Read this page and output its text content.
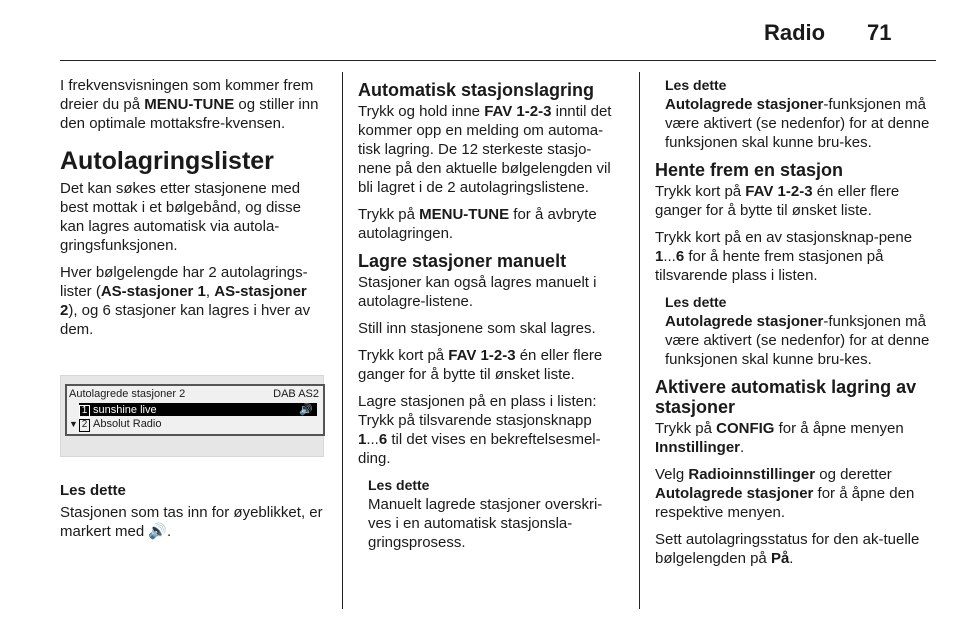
Radio 71

I frekvensvisningen som kommer frem dreier du på MENU-TUNE og stiller inn den optimale mottaksfre-kvensen.

Autolagringslister

Det kan søkes etter stasjonene med best mottak i et bølgebånd, og disse kan lagres automatisk via autola-gringsfunksjonen.

Hver bølgelengde har 2 autolagrings-lister (AS-stasjoner 1, AS-stasjoner 2), og 6 stasjoner kan lagres i hver av dem.

Autolagrede stasjoner 2	DAB AS2
1 sunshine live	🔊
▼ 2 Absolut Radio
Les dette
Stasjonen som tas inn for øyeblikket, er markert med 🔊.
Automatisk stasjonslagring

Trykk og hold inne FAV 1-2-3 inntil det kommer opp en melding om automa-tisk lagring. De 12 sterkeste stasjo-nene på den aktuelle bølgelengden vil bli lagret i de 2 autolagringslistene.

Trykk på MENU-TUNE for å avbryte autolagringen.

Lagre stasjoner manuelt

Stasjoner kan også lagres manuelt i autolagre-listene.

Still inn stasjonene som skal lagres.

Trykk kort på FAV 1-2-3 én eller flere ganger for å bytte til ønsket liste.

Lagre stasjonen på en plass i listen: Trykk på tilsvarende stasjonsknapp 1...6 til det vises en bekreftelsesmel-ding.

Les dette
Manuelt lagrede stasjoner overskri-ves i en automatisk stasjonsla-gringsprosess.
Les dette
Autolagrede stasjoner-funksjonen må være aktivert (se nedenfor) for at denne funksjonen skal kunne bru-kes.
Hente frem en stasjon

Trykk kort på FAV 1-2-3 én eller flere ganger for å bytte til ønsket liste.

Trykk kort på en av stasjonsknap-pene 1...6 for å hente frem stasjonen på tilsvarende plass i listen.

Les dette
Autolagrede stasjoner-funksjonen må være aktivert (se nedenfor) for at denne funksjonen skal kunne bru-kes.
Aktivere automatisk lagring av stasjoner

Trykk på CONFIG for å åpne menyen Innstillinger.

Velg Radioinnstillinger og deretter Autolagrede stasjoner for å åpne den respektive menyen.

Sett autolagringsstatus for den ak-tuelle bølgelengden på På.
